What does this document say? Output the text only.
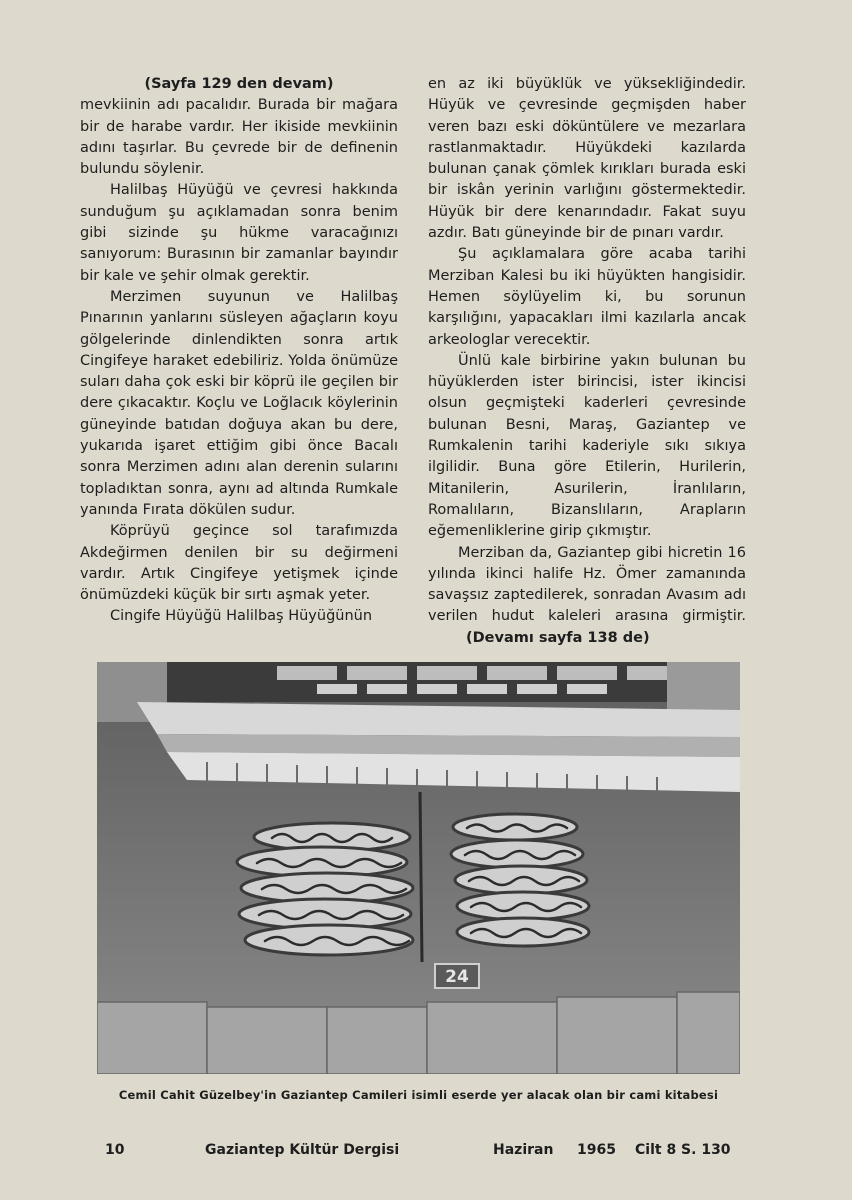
(Sayfa 129 den devam)

mevkiinin adı pacalıdır. Burada bir mağara bir de harabe vardır. Her ikiside mevkiinin adını taşırlar. Bu çevrede bir de definenin bulundu söylenir.

Halilbaş Hüyüğü ve çevresi hakkında sunduğum şu açıklamadan sonra benim gibi sizinde şu hükme varacağınızı sanıyorum: Burasının bir zamanlar bayındır bir kale ve şehir olmak gerektir.

Merzimen suyunun ve Halilbaş Pınarının yanlarını süsleyen ağaçların koyu gölgelerinde dinlendikten sonra artık Cingifeye haraket edebiliriz. Yolda önümüze suları daha çok eski bir köprü ile geçilen bir dere çıkacaktır. Koçlu ve Loğlacık köylerinin güneyinde batıdan doğuya akan bu dere, yukarıda işaret ettiğim gibi önce Bacalı sonra Merzimen adını alan derenin sularını topladıktan sonra, aynı ad altında Rumkale yanında Fırata dökülen sudur.

Köprüyü geçince sol tarafımızda Akdeğirmen denilen bir su değirmeni vardır. Artık Cingifeye yetişmek içinde önümüzdeki küçük bir sırtı aşmak yeter.

Cingife Hüyüğü Halilbaş Hüyüğünün

en az iki büyüklük ve yüksekliğindedir. Hüyük ve çevresinde geçmişden haber veren bazı eski döküntülere ve mezarlara rastlanmaktadır. Hüyükdeki kazılarda bulunan çanak çömlek kırıkları burada eski bir iskân yerinin varlığını göstermektedir. Hüyük bir dere kenarındadır. Fakat suyu azdır. Batı güneyinde bir de pınarı vardır.

Şu açıklamalara göre acaba tarihi Merziban Kalesi bu iki hüyükten hangisidir. Hemen söylüyelim ki, bu sorunun karşılığını, yapacakları ilmi kazılarla ancak arkeologlar verecektir.

Ünlü kale birbirine yakın bulunan bu hüyüklerden ister birincisi, ister ikincisi olsun geçmişteki kaderleri çevresinde bulunan Besni, Maraş, Gaziantep ve Rumkalenin tarihi kaderiyle sıkı sıkıya ilgilidir. Buna göre Etilerin, Hurilerin, Mitanilerin, Asurilerin, İranlıların, Romalıların, Bizanslıların, Arapların eğemenliklerine girip çıkmıştır.

Merziban da, Gaziantep gibi hicretin 16 yılında ikinci halife Hz. Ömer zamanında savaşsız zaptedilerek, sonradan Avasım adı verilen hudut kaleleri arasına girmiştir.(Devamı sayfa 138 de)

24
Cemil Cahit Güzelbey'in Gaziantep Camileri isimli eserde yer alacak olan bir cami kitabesi
10	Gaziantep Kültür Dergisi	Haziran 1965 Cilt 8 S. 130
